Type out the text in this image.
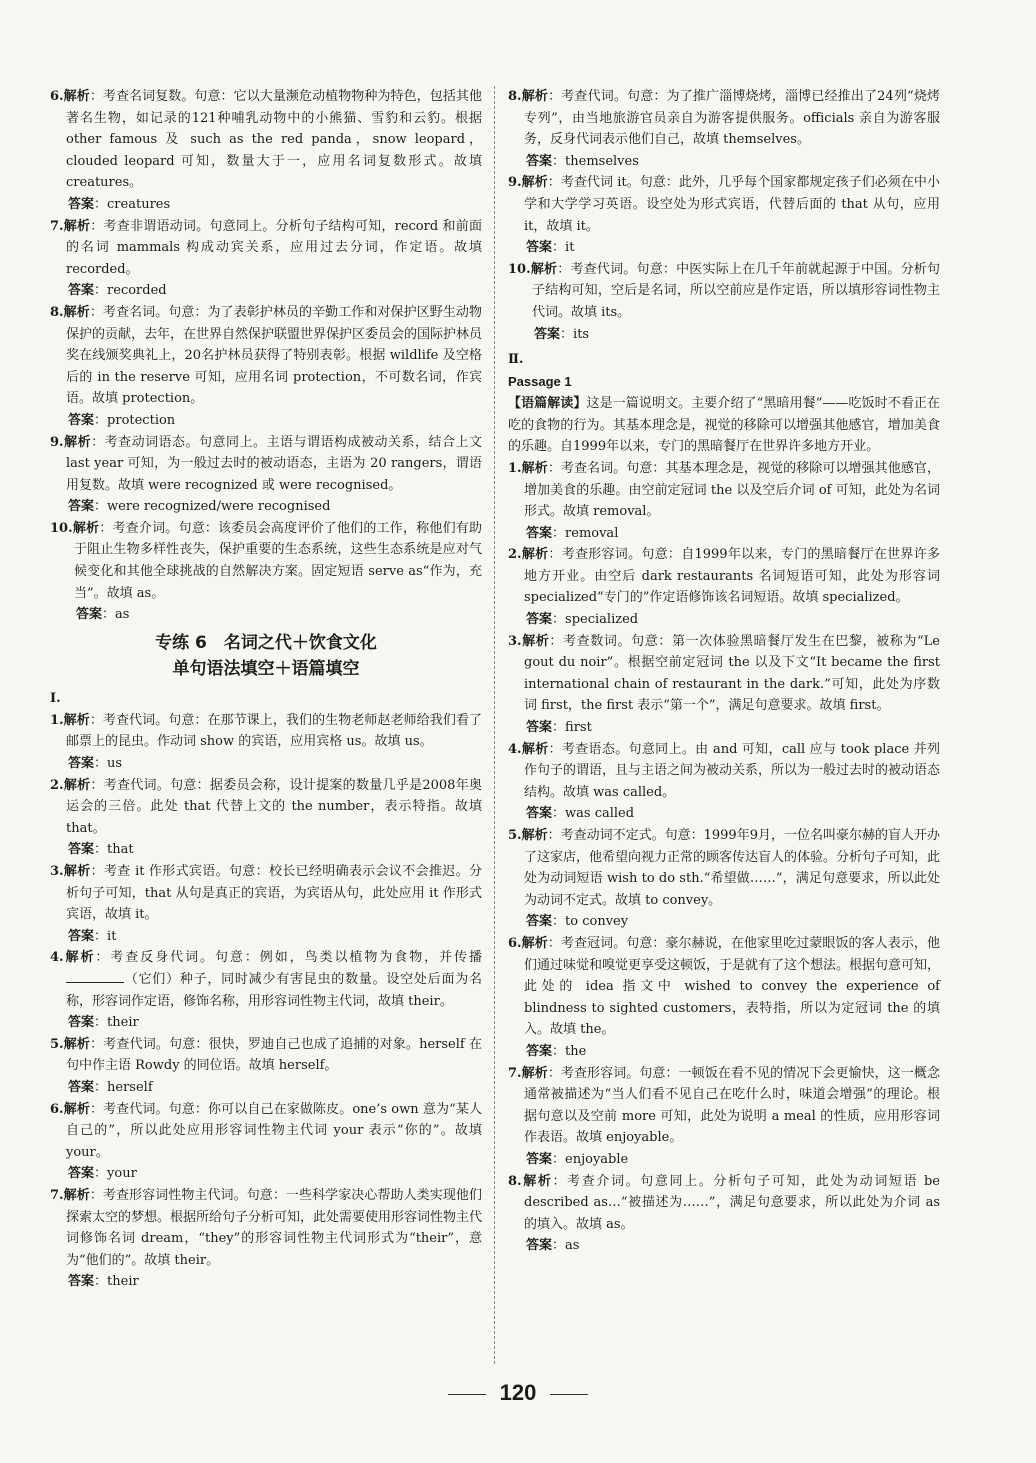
6.解析：考查名词复数。句意：它以大量濒危动植物物种为特色，包括其他著名生物，如记录的121种哺乳动物中的小熊猫、雪豹和云豹。根据 other famous 及 such as the red panda，snow leopard，clouded leopard 可知，数量大于一，应用名词复数形式。故填 creatures。
答案：creatures
7.解析：考查非谓语动词。句意同上。分析句子结构可知，record 和前面的名词 mammals 构成动宾关系，应用过去分词，作定语。故填 recorded。
答案：recorded
8.解析：考查名词。句意：为了表彰护林员的辛勤工作和对保护区野生动物保护的贡献，去年，在世界自然保护联盟世界保护区委员会的国际护林员奖在线颁奖典礼上，20名护林员获得了特别表彰。根据 wildlife 及空格后的 in the reserve 可知，应用名词 protection，不可数名词，作宾语。故填 protection。
答案：protection
9.解析：考查动词语态。句意同上。主语与谓语构成被动关系，结合上文 last year 可知，为一般过去时的被动语态，主语为 20 rangers，谓语用复数。故填 were recognized 或 were recognised。
答案：were recognized/were recognised
10.解析：考查介词。句意：该委员会高度评价了他们的工作，称他们有助于阻止生物多样性丧失，保护重要的生态系统，这些生态系统是应对气候变化和其他全球挑战的自然解决方案。固定短语 serve as“作为，充当”。故填 as。
答案：as
专练 6　名词之代＋饮食文化
单句语法填空＋语篇填空
Ⅰ.
1.解析：考查代词。句意：在那节课上，我们的生物老师赵老师给我们看了邮票上的昆虫。作动词 show 的宾语，应用宾格 us。故填 us。
答案：us
2.解析：考查代词。句意：据委员会称，设计提案的数量几乎是2008年奥运会的三倍。此处 that 代替上文的 the number，表示特指。故填 that。
答案：that
3.解析：考查 it 作形式宾语。句意：校长已经明确表示会议不会推迟。分析句子可知，that 从句是真正的宾语，为宾语从句，此处应用 it 作形式宾语，故填 it。
答案：it
4.解析：考查反身代词。句意：例如，鸟类以植物为食物，并传播（它们）种子，同时减少有害昆虫的数量。设空处后面为名称，形容词作定语，修饰名称，用形容词性物主代词，故填 their。
答案：their
5.解析：考查代词。句意：很快，罗迪自己也成了追捕的对象。herself 在句中作主语 Rowdy 的同位语。故填 herself。
答案：herself
6.解析：考查代词。句意：你可以自己在家做陈皮。one’s own 意为“某人自己的”，所以此处应用形容词性物主代词 your 表示“你的”。故填 your。
答案：your
7.解析：考查形容词性物主代词。句意：一些科学家决心帮助人类实现他们探索太空的梦想。根据所给句子分析可知，此处需要使用形容词性物主代词修饰名词 dream，“they”的形容词性物主代词形式为“their”，意为“他们的”。故填 their。
答案：their
8.解析：考查代词。句意：为了推广淄博烧烤，淄博已经推出了24列“烧烤专列”，由当地旅游官员亲自为游客提供服务。officials 亲自为游客服务，反身代词表示他们自己，故填 themselves。
答案：themselves
9.解析：考查代词 it。句意：此外，几乎每个国家都规定孩子们必须在中小学和大学学习英语。设空处为形式宾语，代替后面的 that 从句，应用 it，故填 it。
答案：it
10.解析：考查代词。句意：中医实际上在几千年前就起源于中国。分析句子结构可知，空后是名词，所以空前应是作定语，所以填形容词性物主代词。故填 its。
答案：its
Ⅱ.
Passage 1
【语篇解读】这是一篇说明文。主要介绍了“黑暗用餐”——吃饭时不看正在吃的食物的行为。其基本理念是，视觉的移除可以增强其他感官，增加美食的乐趣。自1999年以来，专门的黑暗餐厅在世界许多地方开业。
1.解析：考查名词。句意：其基本理念是，视觉的移除可以增强其他感官，增加美食的乐趣。由空前定冠词 the 以及空后介词 of 可知，此处为名词形式。故填 removal。
答案：removal
2.解析：考查形容词。句意：自1999年以来，专门的黑暗餐厅在世界许多地方开业。由空后 dark restaurants 名词短语可知，此处为形容词 specialized“专门的”作定语修饰该名词短语。故填 specialized。
答案：specialized
3.解析：考查数词。句意：第一次体验黑暗餐厅发生在巴黎，被称为“Le gout du noir”。根据空前定冠词 the 以及下文“It became the first international chain of restaurant in the dark.”可知，此处为序数词 first，the first 表示“第一个”，满足句意要求。故填 first。
答案：first
4.解析：考查语态。句意同上。由 and 可知，call 应与 took place 并列作句子的谓语，且与主语之间为被动关系，所以为一般过去时的被动语态结构。故填 was called。
答案：was called
5.解析：考查动词不定式。句意：1999年9月，一位名叫豪尔赫的盲人开办了这家店，他希望向视力正常的顾客传达盲人的体验。分析句子可知，此处为动词短语 wish to do sth.“希望做……”，满足句意要求，所以此处为动词不定式。故填 to convey。
答案：to convey
6.解析：考查冠词。句意：豪尔赫说，在他家里吃过蒙眼饭的客人表示，他们通过味觉和嗅觉更享受这顿饭，于是就有了这个想法。根据句意可知，此处的 idea 指文中 wished to convey the experience of blindness to sighted customers，表特指，所以为定冠词 the 的填入。故填 the。
答案：the
7.解析：考查形容词。句意：一顿饭在看不见的情况下会更愉快，这一概念通常被描述为“当人们看不见自己在吃什么时，味道会增强”的理论。根据句意以及空前 more 可知，此处为说明 a meal 的性质，应用形容词作表语。故填 enjoyable。
答案：enjoyable
8.解析：考查介词。句意同上。分析句子可知，此处为动词短语 be described as…“被描述为……”，满足句意要求，所以此处为介词 as 的填入。故填 as。
答案：as
120
